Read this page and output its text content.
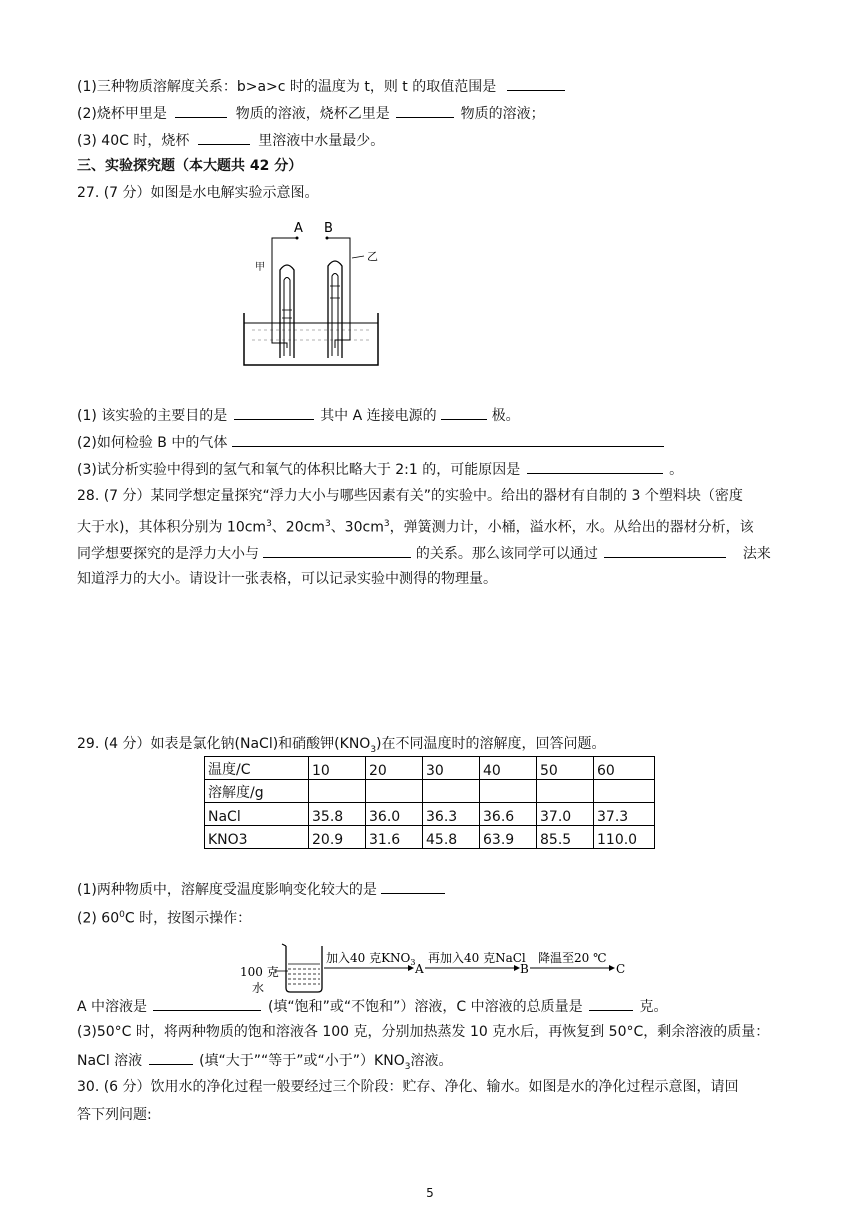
(1)三种物质溶解度关系：b>a>c 时的温度为 t，则 t 的取值范围是
(2)烧杯甲里是	物质的溶液，烧杯乙里是	物质的溶液；
(3) 40C 时，烧杯	里溶液中水量最少。
三、实验探究题（本大题共 42 分）
27. (7 分）如图是水电解实验示意图。
A B
甲
乙
(1) 该实验的主要目的是	其中 A 连接电源的	极。
(2)如何检验 B 中的气体
(3)试分析实验中得到的氢气和氧气的体积比略大于 2:1 的，可能原因是	。
28. (7 分）某同学想定量探究“浮力大小与哪些因素有关”的实验中。给出的器材有自制的 3 个塑料块（密度
大于水)，其体积分别为 $10cm^3$、$20cm^3$、$30cm^3$，弹簧测力计，小桶，溢水杯，水。从给出的器材分析，该
同学想要探究的是浮力大小与	的关系。那么该同学可以通过	法来
知道浮力的大小。请设计一张表格，可以记录实验中测得的物理量。
29. (4 分）如表是氯化钠(NaCl)和硝酸钾$(KNO_3)$在不同温度时的溶解度，回答问题。
温度/C	10	20	30	40	50	60
溶解度/g						
NaCl	35.8	36.0	36.3	36.6	37.0	37.3
KNO3	20.9	31.6	45.8	63.9	85.5	110.0
(1)两种物质中，溶解度受温度影响变化较大的是
(2) $60^0C$ 时，按图示操作：
100 克
水
加入40 克$KNO_3$ A
再加入40 克NaCl
B
降温至20 ℃
C
A 中溶液是	(填“饱和”或“不饱和”）溶液，C 中溶液的总质量是	克。
(3)50°C 时，将两种物质的饱和溶液各 100 克，分别加热蒸发 10 克水后，再恢复到 50°C，剩余溶液的质量：
NaCl 溶液	(填“大于”“等于”或“小于$”)KNO_3$溶液。
30. (6 分）饮用水的净化过程一般要经过三个阶段：贮存、净化、输水。如图是水的净化过程示意图，请回
答下列问题:
5
